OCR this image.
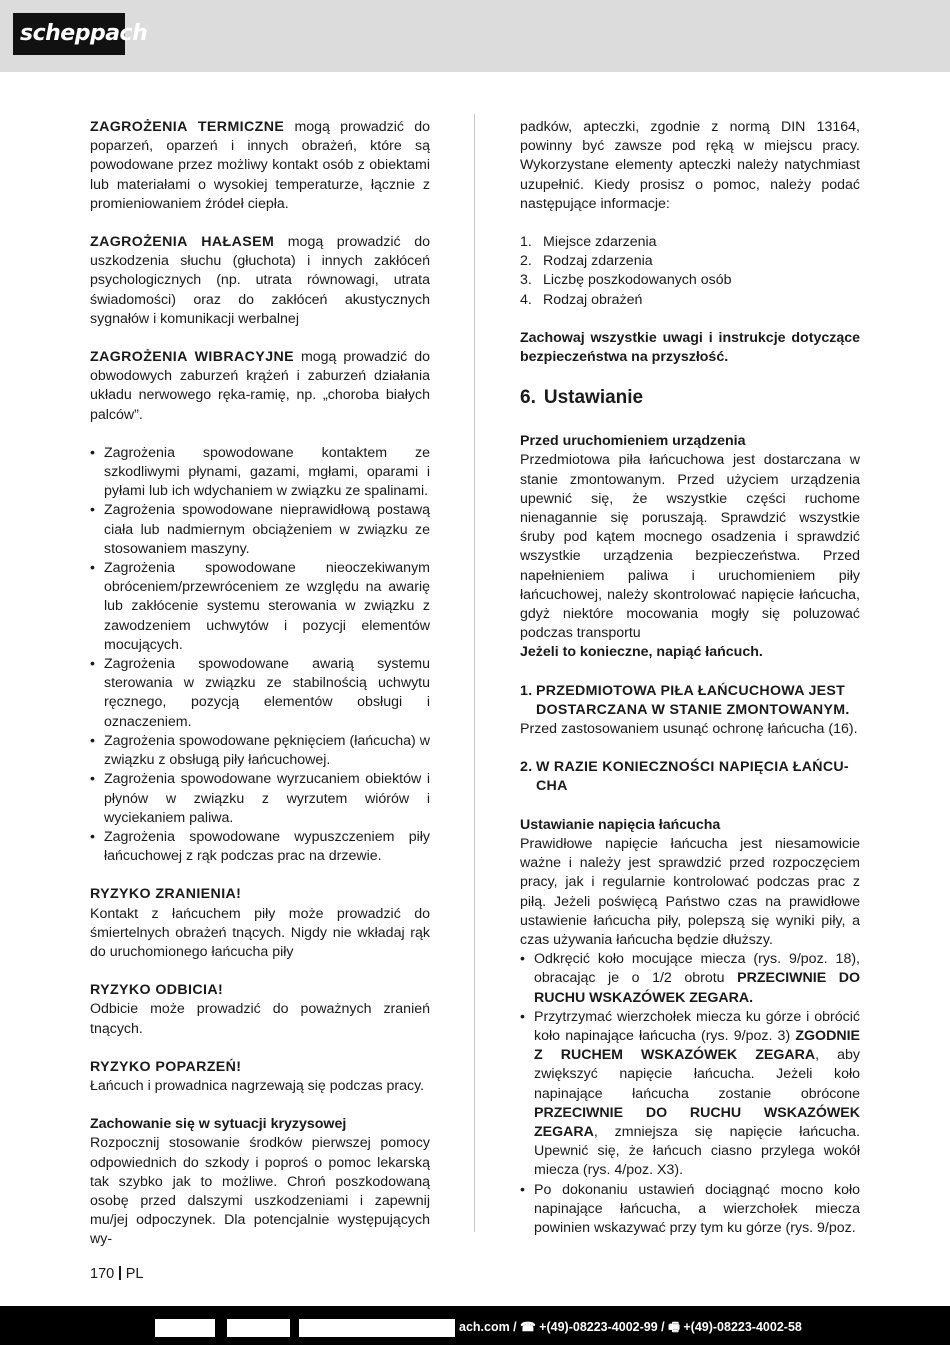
scheppach

ZAGROŻENIA TERMICZNE mogą prowadzić do poparzeń, oparzeń i innych obrażeń, które są powodowane przez możliwy kontakt osób z obiektami lub materiałami o wysokiej temperaturze, łącznie z promieniowaniem źródeł ciepła.

ZAGROŻENIA HAŁASEM mogą prowadzić do uszkodzenia słuchu (głuchota) i innych zakłóceń psychologicznych (np. utrata równowagi, utrata świadomości) oraz do zakłóceń akustycznych sygnałów i komunikacji werbalnej

ZAGROŻENIA WIBRACYJNE mogą prowadzić do obwodowych zaburzeń krążeń i zaburzeń działania układu nerwowego ręka-ramię, np. „choroba białych palców”.

• Zagrożenia spowodowane kontaktem ze szkodliwymi płynami, gazami, mgłami, oparami i pyłami lub ich wdychaniem w związku ze spalinami.
• Zagrożenia spowodowane nieprawidłową postawą ciała lub nadmiernym obciążeniem w związku ze stosowaniem maszyny.
• Zagrożenia spowodowane nieoczekiwanym obróceniem/przewróceniem ze względu na awarię lub zakłócenie systemu sterowania w związku z zawodzeniem uchwytów i pozycji elementów mocujących.
• Zagrożenia spowodowane awarią systemu sterowania w związku ze stabilnością uchwytu ręcznego, pozycją elementów obsługi i oznaczeniem.
• Zagrożenia spowodowane pęknięciem (łańcucha) w związku z obsługą piły łańcuchowej.
• Zagrożenia spowodowane wyrzucaniem obiektów i płynów w związku z wyrzutem wiórów i wyciekaniem paliwa.
• Zagrożenia spowodowane wypuszczeniem piły łańcuchowej z rąk podczas prac na drzewie.

RYZYKO ZRANIENIA!
Kontakt z łańcuchem piły może prowadzić do śmiertelnych obrażeń tnących. Nigdy nie wkładaj rąk do uruchomionego łańcucha piły

RYZYKO ODBICIA!
Odbicie może prowadzić do poważnych zranień tnących.

RYZYKO POPARZEŃ!
Łańcuch i prowadnica nagrzewają się podczas pracy.

Zachowanie się w sytuacji kryzysowej
Rozpocznij stosowanie środków pierwszej pomocy odpowiednich do szkody i poproś o pomoc lekarską tak szybko jak to możliwe. Chroń poszkodowaną osobę przed dalszymi uszkodzeniami i zapewnij mu/jej odpoczynek. Dla potencjalnie występujących wy-

padków, apteczki, zgodnie z normą DIN 13164, powinny być zawsze pod ręką w miejscu pracy. Wykorzystane elementy apteczki należy natychmiast uzupełnić. Kiedy prosisz o pomoc, należy podać następujące informacje:

1. Miejsce zdarzenia
2. Rodzaj zdarzenia
3. Liczbę poszkodowanych osób
4. Rodzaj obrażeń

Zachowaj wszystkie uwagi i instrukcje dotyczące bezpieczeństwa na przyszłość.

6. Ustawianie

Przed uruchomieniem urządzenia
Przedmiotowa piła łańcuchowa jest dostarczana w stanie zmontowanym. Przed użyciem urządzenia upewnić się, że wszystkie części ruchome nienagannie się poruszają. Sprawdzić wszystkie śruby pod kątem mocnego osadzenia i sprawdzić wszystkie urządzenia bezpieczeństwa. Przed napełnieniem paliwa i uruchomieniem piły łańcuchowej, należy skontrolować napięcie łańcucha, gdyż niektóre mocowania mogły się poluzować podczas transportu
Jeżeli to konieczne, napiąć łańcuch.

1. PRZEDMIOTOWA PIŁA ŁAŃCUCHOWA JEST
DOSTARCZANA W STANIE ZMONTOWANYM.
Przed zastosowaniem usunąć ochronę łańcucha (16).

2. W RAZIE KONIECZNOŚCI NAPIĘCIA ŁAŃCU-
CHA

Ustawianie napięcia łańcucha
Prawidłowe napięcie łańcucha jest niesamowicie ważne i należy jest sprawdzić przed rozpoczęciem pracy, jak i regularnie kontrolować podczas prac z piłą. Jeżeli poświęcą Państwo czas na prawidłowe ustawienie łańcucha piły, polepszą się wyniki piły, a czas używania łańcucha będzie dłuższy.
• Odkręcić koło mocujące miecza (rys. 9/poz. 18), obracając je o 1/2 obrotu PRZECIWNIE DO RUCHU WSKAZÓWEK ZEGARA.
• Przytrzymać wierzchołek miecza ku górze i obrócić koło napinające łańcucha (rys. 9/poz. 3) ZGODNIE Z RUCHEM WSKAZÓWEK ZEGARA, aby zwiększyć napięcie łańcucha. Jeżeli koło napinające łańcucha zostanie obrócone PRZECIWNIE DO RUCHU WSKAZÓWEK ZEGARA, zmniejsza się napięcie łańcucha. Upewnić się, że łańcuch ciasno przylega wokół miecza (rys. 4/poz. X3).
• Po dokonaniu ustawień dociągnąć mocno koło napinające łańcucha, a wierzchołek miecza powinien wskazywać przy tym ku górze (rys. 9/poz.
170 PL
ach.com / ☎ +(49)-08223-4002-99 / 🖷 +(49)-08223-4002-58
